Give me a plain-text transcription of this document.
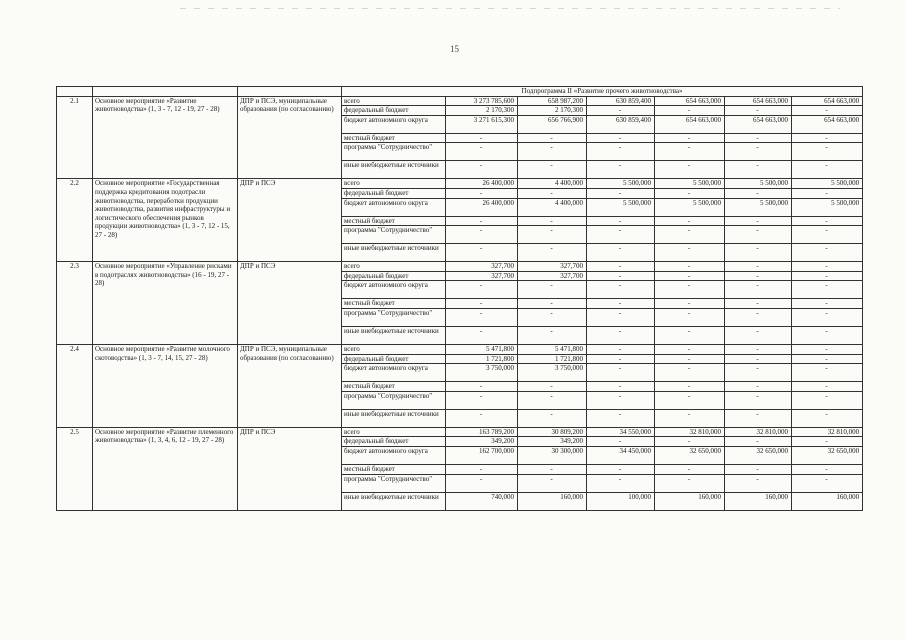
15
			Подпрограмма II «Развитие прочего животноводства»						
2.1	Основное мероприятие «Развитие животноводства» (1, 3 - 7, 12 - 19, 27 - 28)	ДПР и ПСЭ, муниципальные образования (по согласованию)	всего	3 273 785,600	658 987,200	630 859,400	654 663,000	654 663,000	654 663,000
			федеральный бюджет	2 170,300	2 170,300	-	-	-	-
			бюджет автономного округа	3 271 615,300	656 766,900	630 859,400	654 663,000	654 663,000	654 663,000
			местный бюджет	-	-	-	-	-	-
			программа "Сотрудничество"	-	-	-	-	-	-
			иные внебюджетные источники	-	-	-	-	-	-
2.2	Основное мероприятие «Государственная поддержка кредитования подотрасли животноводства, переработки продукции животноводства, развития инфраструктуры и логистического обеспечения рынков продукции животноводства» (1, 3 - 7, 12 - 15, 27 - 28)	ДПР и ПСЭ	всего	26 400,000	4 400,000	5 500,000	5 500,000	5 500,000	5 500,000
			федеральный бюджет	-	-	-	-	-	-
			бюджет автономного округа	26 400,000	4 400,000	5 500,000	5 500,000	5 500,000	5 500,000
			местный бюджет	-	-	-	-	-	-
			программа "Сотрудничество"	-	-	-	-	-	-
			иные внебюджетные источники	-	-	-	-	-	-
2.3	Основное мероприятие «Управление рисками в подотраслях животноводства» (16 - 19, 27 - 28)	ДПР и ПСЭ	всего	327,700	327,700	-	-	-	-
			федеральный бюджет	327,700	327,700	-	-	-	-
			бюджет автономного округа	-	-	-	-	-	-
			местный бюджет	-	-	-	-	-	-
			программа "Сотрудничество"	-	-	-	-	-	-
			иные внебюджетные источники	-	-	-	-	-	-
2.4	Основное мероприятие «Развитие молочного скотоводства» (1, 3 - 7, 14, 15, 27 - 28)	ДПР и ПСЭ, муниципальные образования (по согласованию)	всего	5 471,800	5 471,800	-	-	-	-
			федеральный бюджет	1 721,800	1 721,800	-	-	-	-
			бюджет автономного округа	3 750,000	3 750,000	-	-	-	-
			местный бюджет	-	-	-	-	-	-
			программа "Сотрудничество"	-	-	-	-	-	-
			иные внебюджетные источники	-	-	-	-	-	-
2.5	Основное мероприятие «Развитие племенного животноводства» (1, 3, 4, 6, 12 - 19, 27 - 28)	ДПР и ПСЭ	всего	163 789,200	30 809,200	34 550,000	32 810,000	32 810,000	32 810,000
			федеральный бюджет	349,200	349,200	-	-	-	-
			бюджет автономного округа	162 700,000	30 300,000	34 450,000	32 650,000	32 650,000	32 650,000
			местный бюджет	-	-	-	-	-	-
			программа "Сотрудничество"	-	-	-	-	-	-
			иные внебюджетные источники	740,000	160,000	100,000	160,000	160,000	160,000
